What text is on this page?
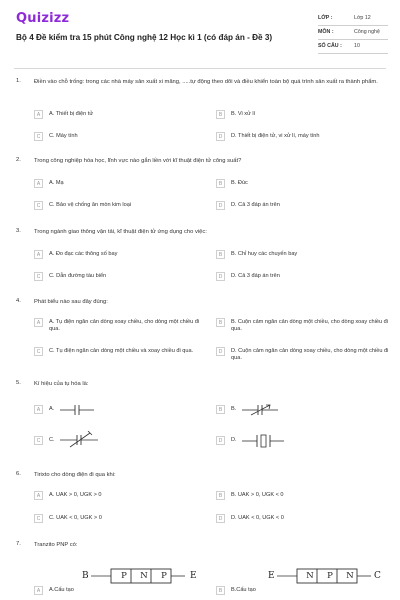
Quizizz
Bộ 4 Đề kiểm tra 15 phút Công nghệ 12 Học kì 1 (có đáp án - Đề 3)
LỚP :	Lớp 12
MÔN :	Công nghệ
SỐ CÂU : 10
1. Điền vào chỗ trống: trong các nhà máy sản xuất xi măng, .....tự động theo dõi và điều khiển toàn bộ quá trình sản xuất ra thành phẩm.
A	A. Thiết bị điện tử	B	B. Vi xử lí
C	C. Máy tính	D	D. Thiết bị điện tử, vi xử lí, máy tính
2. Trong công nghiệp hóa học, lĩnh vực nào gắn liền với kĩ thuật điện tử công suất?
A	A. Mạ	B	B. Đúc
C	C. Bảo vệ chống ăn mòn kim loại	D	D. Cả 3 đáp án trên
3. Trong ngành giao thông vận tải, kĩ thuật điện tử ứng dụng cho việc:
A	A. Đo đạc các thông số bay	B	B. Chỉ huy các chuyến bay
C	C. Dẫn đường tàu biển	D	D. Cả 3 đáp án trên
4. Phát biểu nào sau đây đúng:
A	A. Tụ điện ngăn cản dòng xoay chiều, cho dòng một chiều đi qua.
B	B. Cuộn cảm ngăn cản dòng một chiều, cho dòng xoay chiều đi qua.
C	C. Tụ điện ngăn cản dòng một chiều và xoay chiều đi qua.	D	D. Cuộn cảm ngăn cản dòng xoay chiều, cho dòng một chiều đi qua.
5. Kí hiệu của tụ hóa là:
A	A.	B	B.
C	C.	D	D.
6. Tirixto cho dòng điện đi qua khi:
A	A. UAK > 0, UGK > 0	B	B. UAK > 0, UGK < 0
C	C. UAK < 0, UGK > 0	D	D. UAK < 0, UGK < 0
7. Tranzito PNP có:
B	P	N	P	E	E	N	P	N	C
A	A.Cấu tạo	B	B.Cấu tạo
